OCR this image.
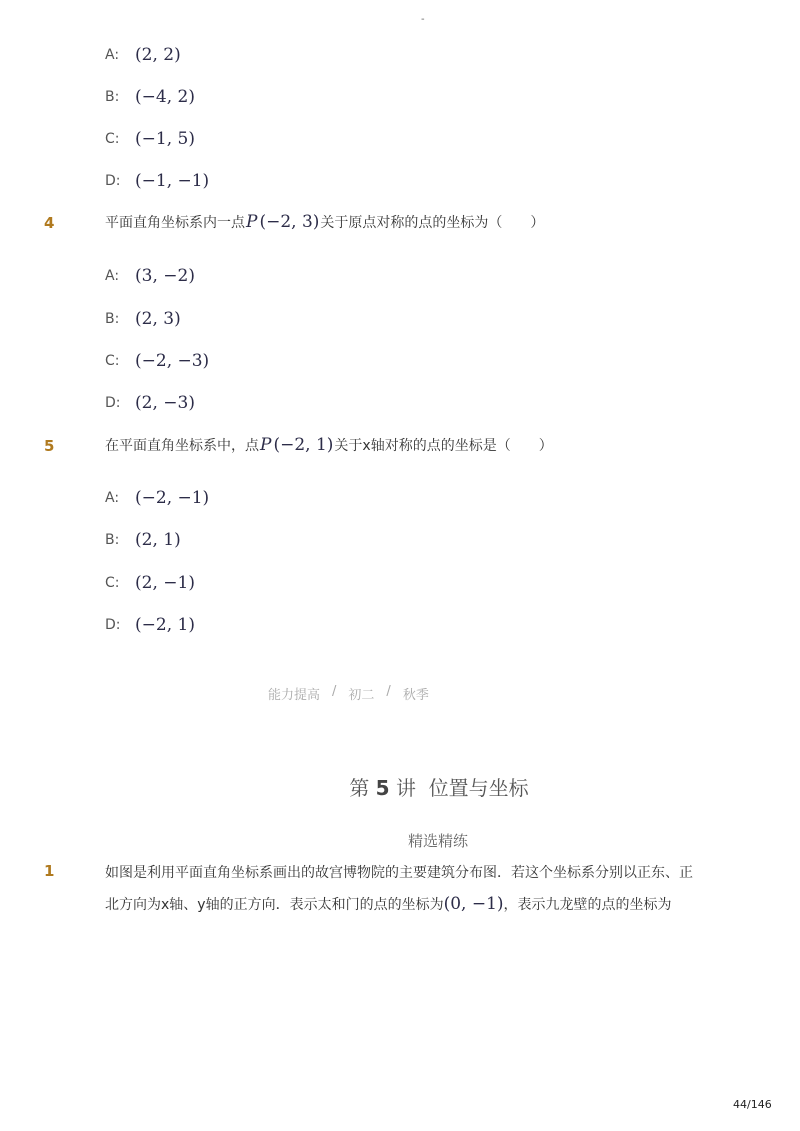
-
A: (2, 2)
B: (−4, 2)
C: (−1, 5)
D: (−1, −1)
4	平面直角坐标系内一点 P (−2, 3) 关于原点对称的点的坐标为（　　）
A: (3, −2)
B: (2, 3)
C: (−2, −3)
D: (2, −3)
5	在平面直角坐标系中，点 P (−2, 1) 关于x轴对称的点的坐标是（　　）
A: (−2, −1)
B: (2, 1)
C: (2, −1)
D: (−2, 1)
能力提高 / 初二 / 秋季
第 5 讲 位置与坐标
精选精练
1	如图是利用平面直角坐标系画出的故宫博物院的主要建筑分布图．若这个坐标系分别以正东、正
北方向为x轴、y轴的正方向．表示太和门的点的坐标为 (0, −1) ，表示九龙壁的点的坐标为
44/146
